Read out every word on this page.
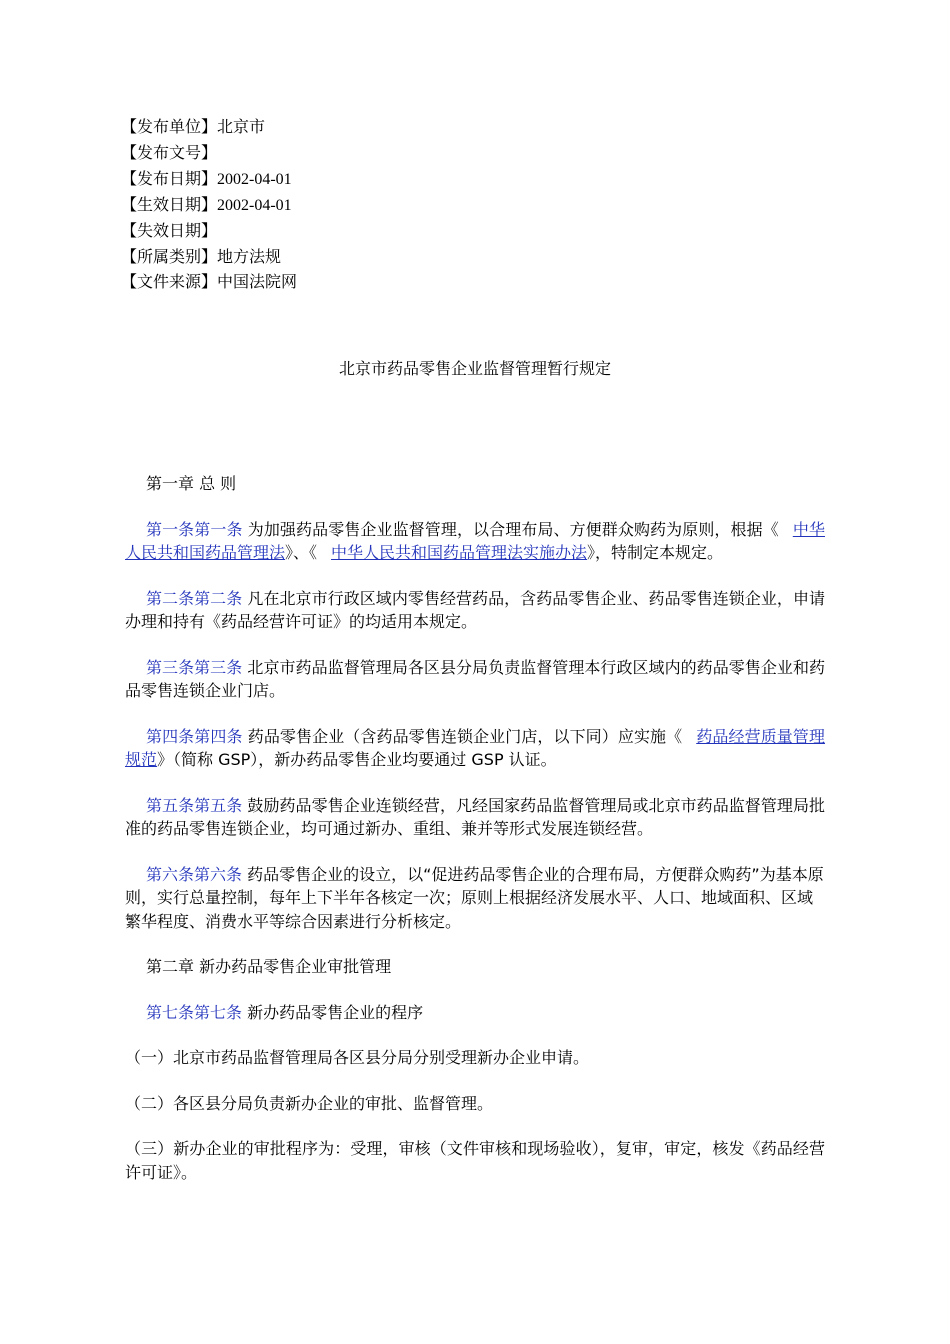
【发布单位】北京市
【发布文号】
【发布日期】2002-04-01
【生效日期】2002-04-01
【失效日期】
【所属类别】地方法规
【文件来源】中国法院网
北京市药品零售企业监督管理暂行规定

第一章 总 则

第一条第一条 为加强药品零售企业监督管理，以合理布局、方便群众购药为原则，根据《 中华人民共和国药品管理法》、《 中华人民共和国药品管理法实施办法》，特制定本规定。

第二条第二条 凡在北京市行政区域内零售经营药品，含药品零售企业、药品零售连锁企业，申请办理和持有《药品经营许可证》的均适用本规定。

第三条第三条 北京市药品监督管理局各区县分局负责监督管理本行政区域内的药品零售企业和药品零售连锁企业门店。

第四条第四条 药品零售企业（含药品零售连锁企业门店，以下同）应实施《 药品经营质量管理规范》（简称 GSP），新办药品零售企业均要通过 GSP 认证。

第五条第五条 鼓励药品零售企业连锁经营，凡经国家药品监督管理局或北京市药品监督管理局批准的药品零售连锁企业，均可通过新办、重组、兼并等形式发展连锁经营。

第六条第六条 药品零售企业的设立，以“促进药品零售企业的合理布局，方便群众购药”为基本原则，实行总量控制，每年上下半年各核定一次；原则上根据经济发展水平、人口、地域面积、区域繁华程度、消费水平等综合因素进行分析核定。

第二章 新办药品零售企业审批管理

第七条第七条 新办药品零售企业的程序

（一）北京市药品监督管理局各区县分局分别受理新办企业申请。

（二）各区县分局负责新办企业的审批、监督管理。

（三）新办企业的审批程序为：受理，审核（文件审核和现场验收），复审，审定，核发《药品经营许可证》。
